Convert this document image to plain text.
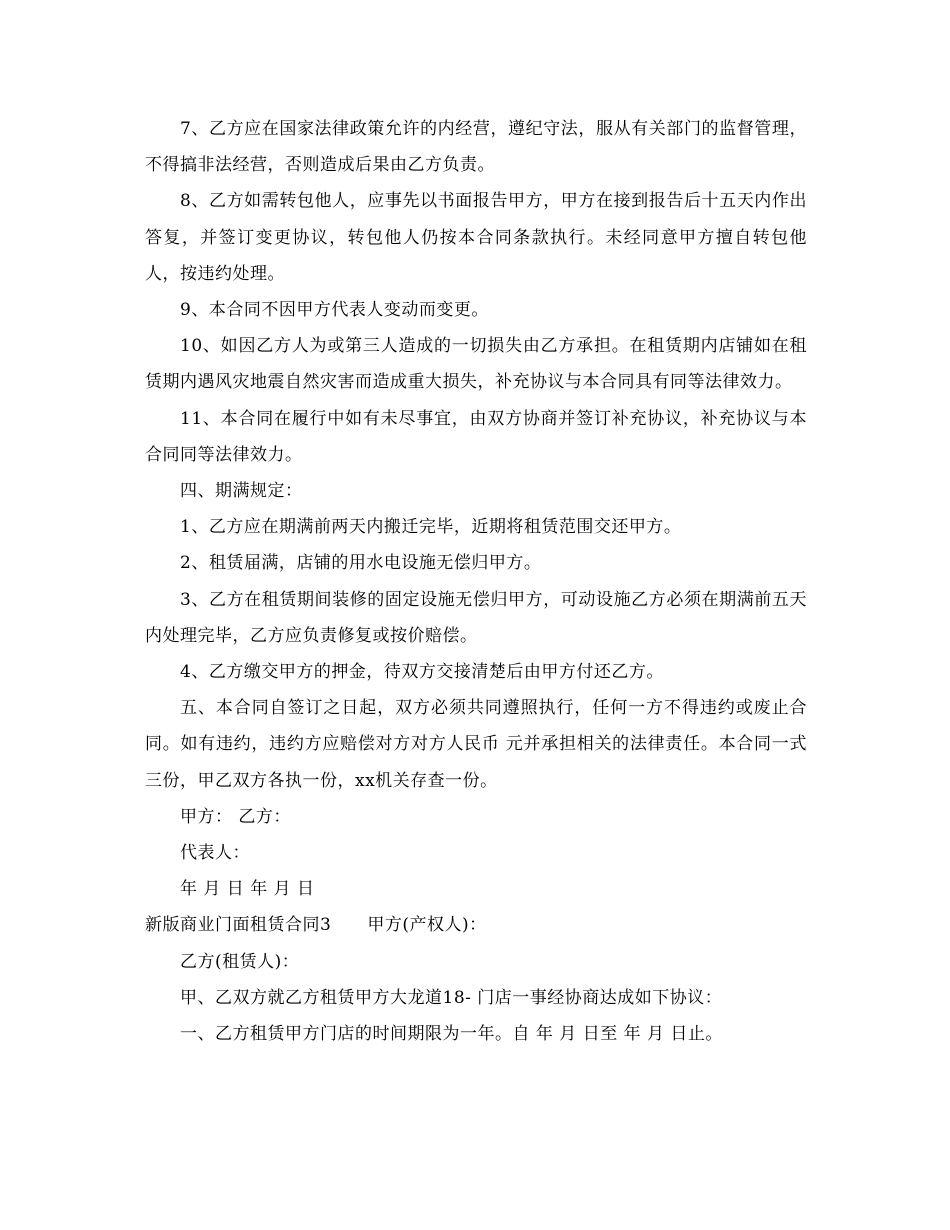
7、乙方应在国家法律政策允许的内经营，遵纪守法，服从有关部门的监督管理，不得搞非法经营，否则造成后果由乙方负责。

8、乙方如需转包他人，应事先以书面报告甲方，甲方在接到报告后十五天内作出答复，并签订变更协议，转包他人仍按本合同条款执行。未经同意甲方擅自转包他人，按违约处理。

9、本合同不因甲方代表人变动而变更。

10、如因乙方人为或第三人造成的一切损失由乙方承担。在租赁期内店铺如在租赁期内遇风灾地震自然灾害而造成重大损失，补充协议与本合同具有同等法律效力。

11、本合同在履行中如有未尽事宜，由双方协商并签订补充协议，补充协议与本合同同等法律效力。

四、期满规定：

1、乙方应在期满前两天内搬迁完毕，近期将租赁范围交还甲方。

2、租赁届满，店铺的用水电设施无偿归甲方。

3、乙方在租赁期间装修的固定设施无偿归甲方，可动设施乙方必须在期满前五天内处理完毕，乙方应负责修复或按价赔偿。

4、乙方缴交甲方的押金，待双方交接清楚后由甲方付还乙方。

五、本合同自签订之日起，双方必须共同遵照执行，任何一方不得违约或废止合同。如有违约，违约方应赔偿对方对方人民币 元并承担相关的法律责任。本合同一式三份，甲乙双方各执一份，xx机关存查一份。

甲方： 乙方：

代表人：

年 月 日 年 月 日

新版商业门面租赁合同3 甲方(产权人)：

乙方(租赁人)：

甲、乙双方就乙方租赁甲方大龙道18- 门店一事经协商达成如下协议：

一、乙方租赁甲方门店的时间期限为一年。自 年 月 日至 年 月 日止。
